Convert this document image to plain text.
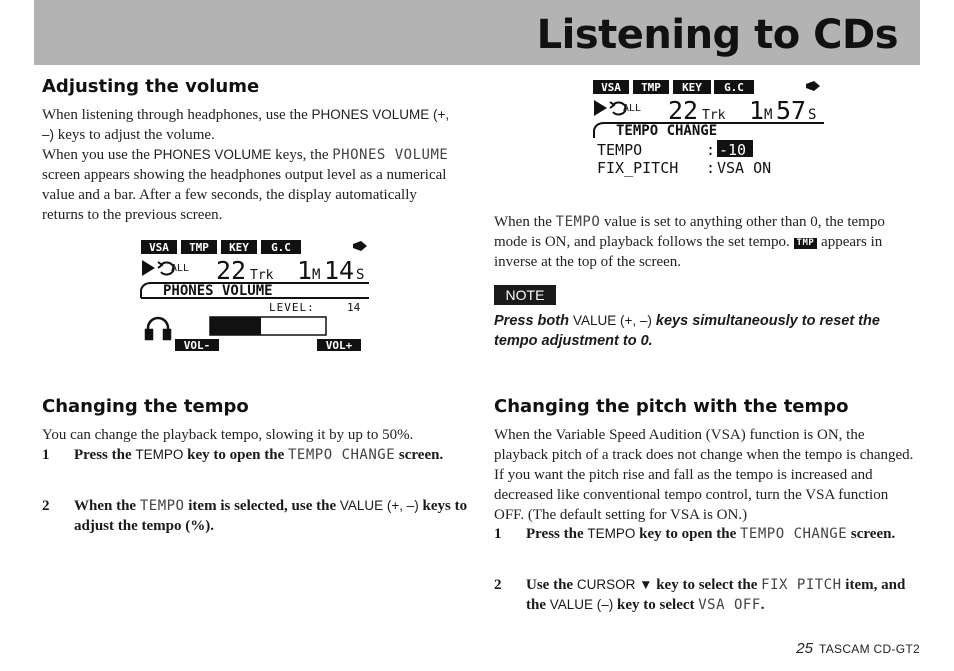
Listening to CDs
Adjusting the volume
When listening through headphones, use the PHONES VOLUME (+, –) keys to adjust the volume.
When you use the PHONES VOLUME keys, the PHONES VOLUME screen appears showing the headphones output level as a numerical value and a bar. After a few seconds, the display automatically returns to the previous screen.
VSA TMP KEY G.C
ALL 22 Trk 1 M 14 S
PHONES VOLUME
LEVEL:	14
VOL-	VOL+
VSA TMP KEY G.C
ALL 22 Trk 1 M 57 S
TEMPO CHANGE
TEMPO	: -10
FIX_PITCH : VSA ON
When the TEMPO value is set to anything other than 0, the tempo mode is ON, and playback follows the set tempo. TMP appears in inverse at the top of the screen.
NOTE
Press both VALUE (+, –) keys simultaneously to reset the tempo adjustment to 0.
Changing the tempo
You can change the playback tempo, slowing it by up to 50%.
1	Press the TEMPO key to open the TEMPO CHANGE screen.
2	When the TEMPO item is selected, use the VALUE (+, –) keys to adjust the tempo (%).
Changing the pitch with the tempo
When the Variable Speed Audition (VSA) function is ON, the playback pitch of a track does not change when the tempo is changed. If you want the pitch rise and fall as the tempo is increased and decreased like conventional tempo control, turn the VSA function OFF. (The default setting for VSA is ON.)
1	Press the TEMPO key to open the TEMPO CHANGE screen.
2	Use the CURSOR ▼ key to select the FIX PITCH item, and the VALUE (–) key to select VSA OFF.
25 TASCAM CD-GT2
